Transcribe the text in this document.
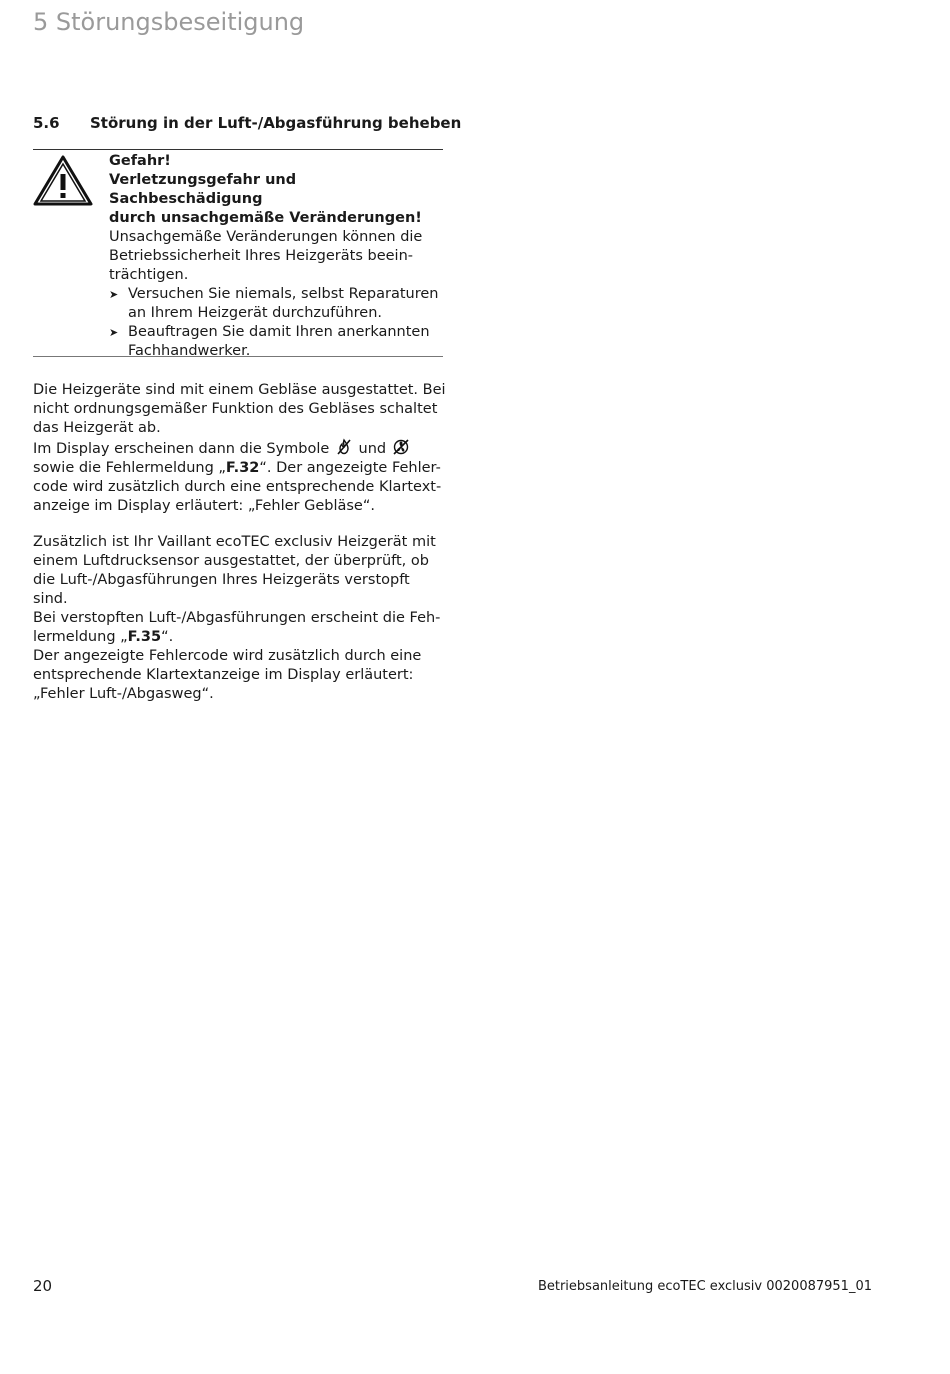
5 Störungsbeseitigung
5.6 Störung in der Luft-/Abgasführung beheben

Gefahr!

Verletzungsgefahr und Sachbeschädigung

durch unsachgemäße Veränderungen!

Unsachgemäße Veränderungen können die

Betriebssicherheit Ihres Heizgeräts beein-

trächtigen.

➤ Versuchen Sie niemals, selbst Reparaturen
an Ihrem Heizgerät durchzuführen.
➤ Beauftragen Sie damit Ihren anerkannten
Fachhandwerker.
Die Heizgeräte sind mit einem Gebläse ausgestattet. Bei
nicht ordnungsgemäßer Funktion des Gebläses schaltet
das Heizgerät ab.
Im Display erscheinen dann die Symbole und
sowie die Fehlermeldung „F.32“. Der angezeigte Fehler-
code wird zusätzlich durch eine entsprechende Klartext-
anzeige im Display erläutert: „Fehler Gebläse“.
Zusätzlich ist Ihr Vaillant ecoTEC exclusiv Heizgerät mit
einem Luftdrucksensor ausgestattet, der überprüft, ob
die Luft-/Abgasführungen Ihres Heizgeräts verstopft
sind.
Bei verstopften Luft-/Abgasführungen erscheint die Feh-
lermeldung „F.35“.
Der angezeigte Fehlercode wird zusätzlich durch eine
entsprechende Klartextanzeige im Display erläutert:
„Fehler Luft-/Abgasweg“.
20	Betriebsanleitung ecoTEC exclusiv 0020087951_01
